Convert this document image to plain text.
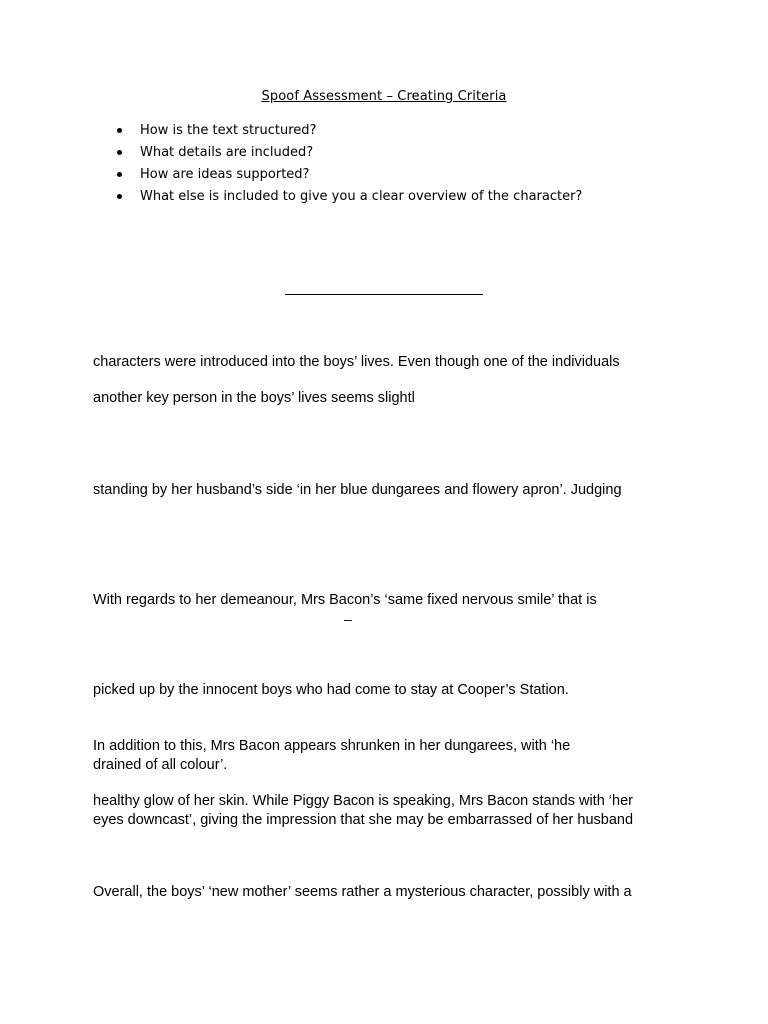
Spoof Assessment – Creating Criteria
How is the text structured?
What details are included?
How are ideas supported?
What else is included to give you a clear overview of the character?
characters were introduced into the boys’ lives. Even though one of the individuals
another key person in the boys’ lives seems slightl
standing by her husband’s side ‘in her blue dungarees and flowery apron’. Judging
With regards to her demeanour, Mrs Bacon’s ‘same fixed nervous smile’ that is
–
picked up by the innocent boys who had come to stay at Cooper’s Station.
In addition to this, Mrs Bacon appears shrunken in her dungarees, with ‘he
drained of all colour’.
healthy glow of her skin. While Piggy Bacon is speaking, Mrs Bacon stands with ‘her
eyes downcast’, giving the impression that she may be embarrassed of her husband
Overall, the boys’ ‘new mother’ seems rather a mysterious character, possibly with a
